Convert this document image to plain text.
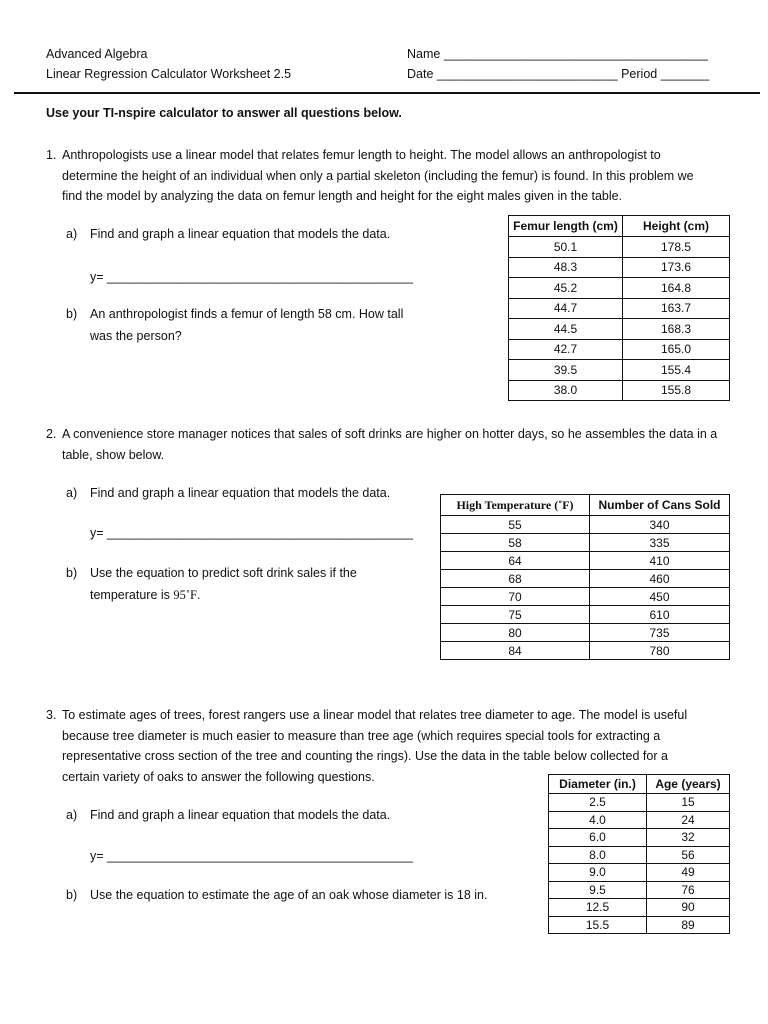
Advanced Algebra
Linear Regression Calculator Worksheet 2.5
Name ______________________________________
Date __________________________ Period _______
Use your TI-nspire calculator to answer all questions below.
1. Anthropologists use a linear model that relates femur length to height. The model allows an anthropologist to
determine the height of an individual when only a partial skeleton (including the femur) is found. In this problem we
find the model by analyzing the data on femur length and height for the eight males given in the table.
a) Find and graph a linear equation that models the data.
y= ____________________________________________
b) An anthropologist finds a femur of length 58 cm. How tall
was the person?
Femur length (cm)	Height (cm)
50.1	178.5
48.3	173.6
45.2	164.8
44.7	163.7
44.5	168.3
42.7	165.0
39.5	155.4
38.0	155.8
2. A convenience store manager notices that sales of soft drinks are higher on hotter days, so he assembles the data in a
table, show below.
a) Find and graph a linear equation that models the data.
y= ____________________________________________
b) Use the equation to predict soft drink sales if the
temperature is 95˚F.
High Temperature (˚F)	Number of Cans Sold
55	340
58	335
64	410
68	460
70	450
75	610
80	735
84	780
3. To estimate ages of trees, forest rangers use a linear model that relates tree diameter to age. The model is useful
because tree diameter is much easier to measure than tree age (which requires special tools for extracting a
representative cross section of the tree and counting the rings). Use the data in the table below collected for a
certain variety of oaks to answer the following questions.
a) Find and graph a linear equation that models the data.
y= ____________________________________________
b) Use the equation to estimate the age of an oak whose diameter is 18 in.
Diameter (in.)	Age (years)
2.5	15
4.0	24
6.0	32
8.0	56
9.0	49
9.5	76
12.5	90
15.5	89
